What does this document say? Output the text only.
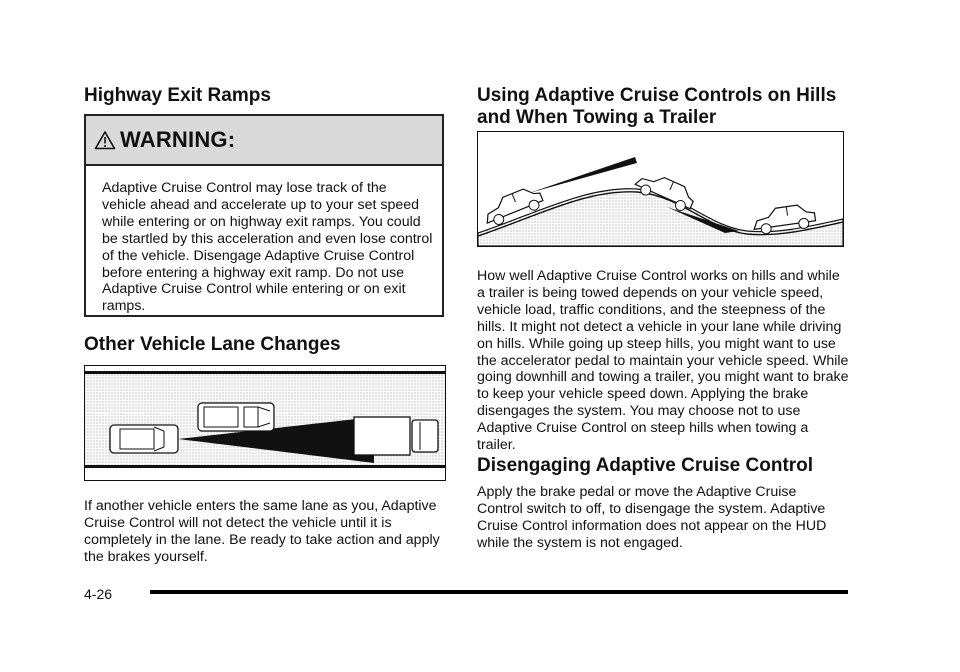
Highway Exit Ramps
WARNING:

Adaptive Cruise Control may lose track of the vehicle ahead and accelerate up to your set speed while entering or on highway exit ramps. You could be startled by this acceleration and even lose control of the vehicle. Disengage Adaptive Cruise Control before entering a highway exit ramp. Do not use Adaptive Cruise Control while entering or on exit ramps.

Other Vehicle Lane Changes

If another vehicle enters the same lane as you, Adaptive Cruise Control will not detect the vehicle until it is completely in the lane. Be ready to take action and apply the brakes yourself.

Using Adaptive Cruise Controls on Hills and When Towing a Trailer

How well Adaptive Cruise Control works on hills and while a trailer is being towed depends on your vehicle speed, vehicle load, traffic conditions, and the steepness of the hills. It might not detect a vehicle in your lane while driving on hills. While going up steep hills, you might want to use the accelerator pedal to maintain your vehicle speed. While going downhill and towing a trailer, you might want to brake to keep your vehicle speed down. Applying the brake disengages the system. You may choose not to use Adaptive Cruise Control on steep hills when towing a trailer.

Disengaging Adaptive Cruise Control

Apply the brake pedal or move the Adaptive Cruise Control switch to off, to disengage the system. Adaptive Cruise Control information does not appear on the HUD while the system is not engaged.

4-26
